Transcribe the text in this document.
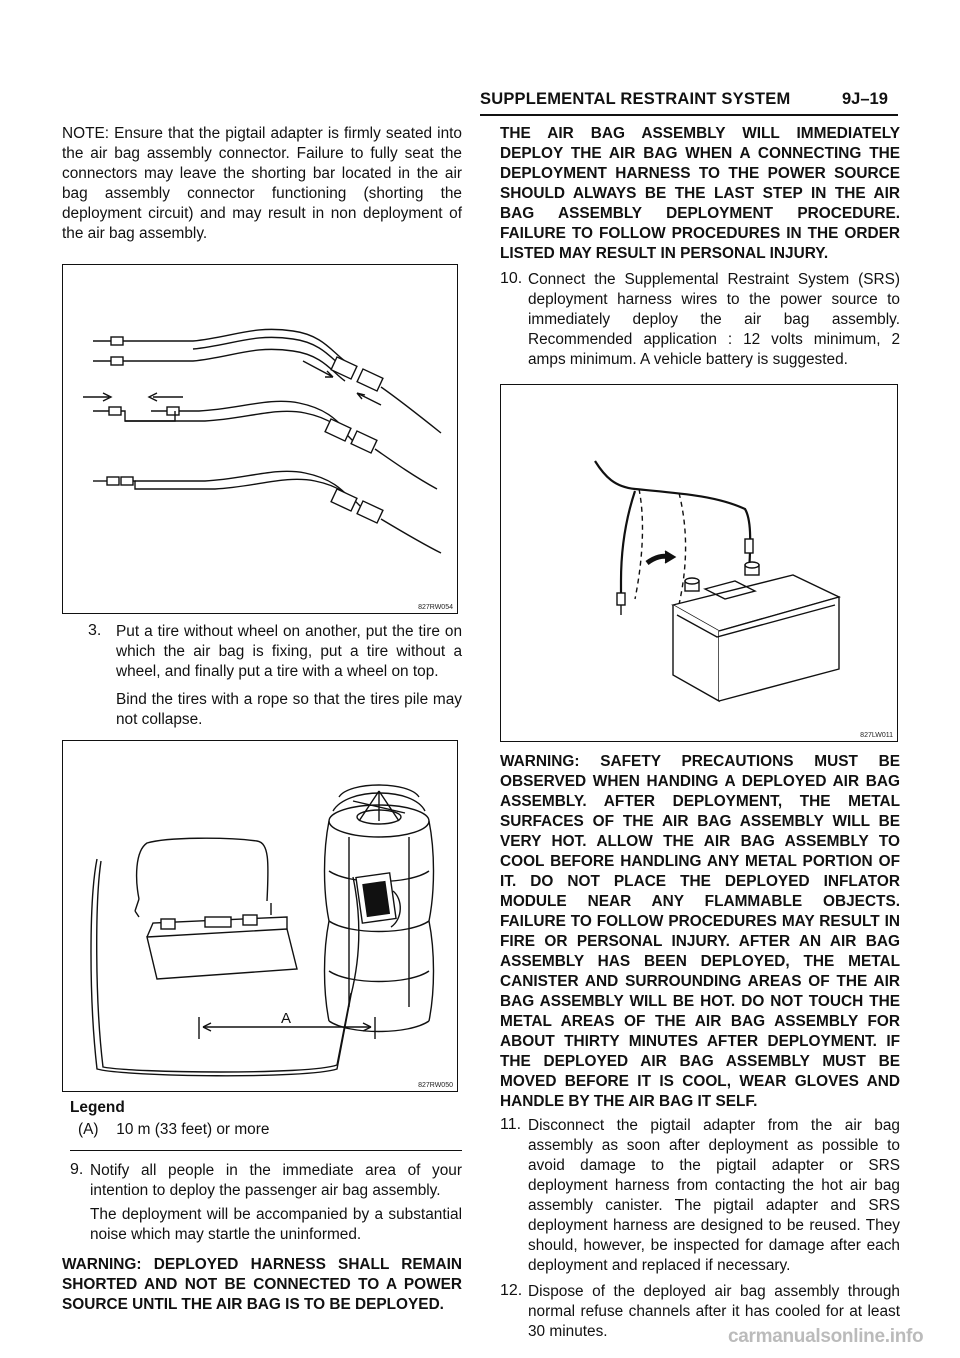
SUPPLEMENTAL RESTRAINT SYSTEM	9J–19

NOTE: Ensure that the pigtail adapter is firmly seated into the air bag assembly connector. Failure to fully seat the connectors may leave the shorting bar located in the air bag assembly connector functioning (shorting the deployment circuit) and may result in non deployment of the air bag assembly.

827RW054
3. Put a tire without wheel on another, put the tire on which the air bag is fixing, put a tire without a wheel, and finally put a tire with a wheel on top.

Bind the tires with a rope so that the tires pile may not collapse.

A
827RW050
Legend
(A) 10 m (33 feet) or more
9. Notify all people in the immediate area of your intention to deploy the passenger air bag assembly.

The deployment will be accompanied by a substantial noise which may startle the uninformed.

WARNING: DEPLOYED HARNESS SHALL REMAIN SHORTED AND NOT BE CONNECTED TO A POWER SOURCE UNTIL THE AIR BAG IS TO BE DEPLOYED.

THE AIR BAG ASSEMBLY WILL IMMEDIATELY DEPLOY THE AIR BAG WHEN A CONNECTING THE DEPLOYMENT HARNESS TO THE POWER SOURCE SHOULD ALWAYS BE THE LAST STEP IN THE AIR BAG ASSEMBLY DEPLOYMENT PROCEDURE. FAILURE TO FOLLOW PROCEDURES IN THE ORDER LISTED MAY RESULT IN PERSONAL INJURY.

10. Connect the Supplemental Restraint System (SRS) deployment harness wires to the power source to immediately deploy the air bag assembly. Recommended application : 12 volts minimum, 2 amps minimum. A vehicle battery is suggested.

827LW011

WARNING: SAFETY PRECAUTIONS MUST BE OBSERVED WHEN HANDING A DEPLOYED AIR BAG ASSEMBLY. AFTER DEPLOYMENT, THE METAL SURFACES OF THE AIR BAG ASSEMBLY WILL BE VERY HOT. ALLOW THE AIR BAG ASSEMBLY TO COOL BEFORE HANDLING ANY METAL PORTION OF IT. DO NOT PLACE THE DEPLOYED INFLATOR MODULE NEAR ANY FLAMMABLE OBJECTS. FAILURE TO FOLLOW PROCEDURES MAY RESULT IN FIRE OR PERSONAL INJURY. AFTER AN AIR BAG ASSEMBLY HAS BEEN DEPLOYED, THE METAL CANISTER AND SURROUNDING AREAS OF THE AIR BAG ASSEMBLY WILL BE HOT. DO NOT TOUCH THE METAL AREAS OF THE AIR BAG ASSEMBLY FOR ABOUT THIRTY MINUTES AFTER DEPLOYMENT. IF THE DEPLOYED AIR BAG ASSEMBLY MUST BE MOVED BEFORE IT IS COOL, WEAR GLOVES AND HANDLE BY THE AIR BAG IT SELF.

11. Disconnect the pigtail adapter from the air bag assembly as soon after deployment as possible to avoid damage to the pigtail adapter or SRS deployment harness from contacting the hot air bag assembly canister. The pigtail adapter and SRS deployment harness are designed to be reused. They should, however, be inspected for damage after each deployment and replaced if necessary.

12. Dispose of the deployed air bag assembly through normal refuse channels after it has cooled for at least 30 minutes.	carmanualsonline.info
